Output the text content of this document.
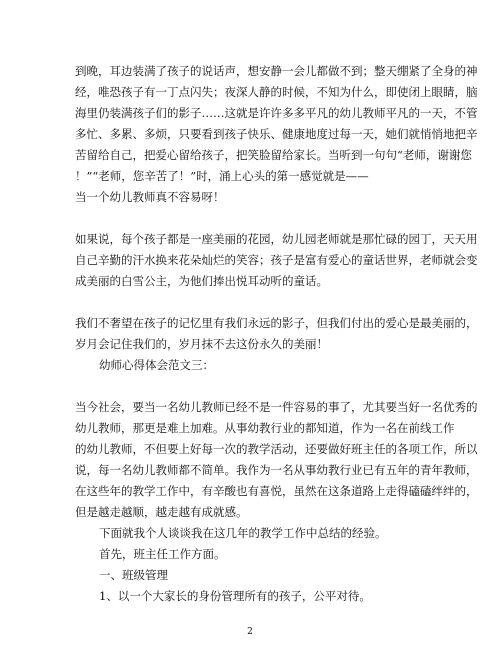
到晚，耳边装满了孩子的说话声，想安静一会儿都做不到；整天绷紧了全身的神
经，唯恐孩子有一丁点闪失；夜深人静的时候，不知为什么，即使闭上眼睛，脑
海里仍装满孩子们的影子……这就是许许多多平凡的幼儿教师平凡的一天，不管
多忙、多累、多烦，只要看到孩子快乐、健康地度过每一天，她们就悄悄地把辛
苦留给自己，把爱心留给孩子，把笑脸留给家长。当听到一句句“老师，谢谢您
！”“老师，您辛苦了！”时，涌上心头的第一感觉就是——
当一个幼儿教师真不容易呀！
如果说，每个孩子都是一座美丽的花园，幼儿园老师就是那忙碌的园丁，天天用
自己辛勤的汗水换来花朵灿烂的笑容；孩子是富有爱心的童话世界，老师就会变
成美丽的白雪公主，为他们捧出悦耳动听的童话。
我们不奢望在孩子的记忆里有我们永远的影子，但我们付出的爱心是最美丽的，
岁月会记住我们的，岁月抹不去这份永久的美丽！
幼师心得体会范文三：
当今社会，要当一名幼儿教师已经不是一件容易的事了，尤其要当好一名优秀的
幼儿教师，那更是难上加难。从事幼教行业的都知道，作为一名在前线工作
的幼儿教师，不但要上好每一次的教学活动，还要做好班主任的各项工作，所以
说，每一名幼儿教师都不简单。我作为一名从事幼教行业已有五年的青年教师，
在这些年的教学工作中，有辛酸也有喜悦，虽然在这条道路上走得磕磕绊绊的，
但是越走越顺，越走越有成就感。
下面就我个人谈谈我在这几年的教学工作中总结的经验。
首先，班主任工作方面。
一、班级管理
1、以一个大家长的身份管理所有的孩子，公平对待。
2
